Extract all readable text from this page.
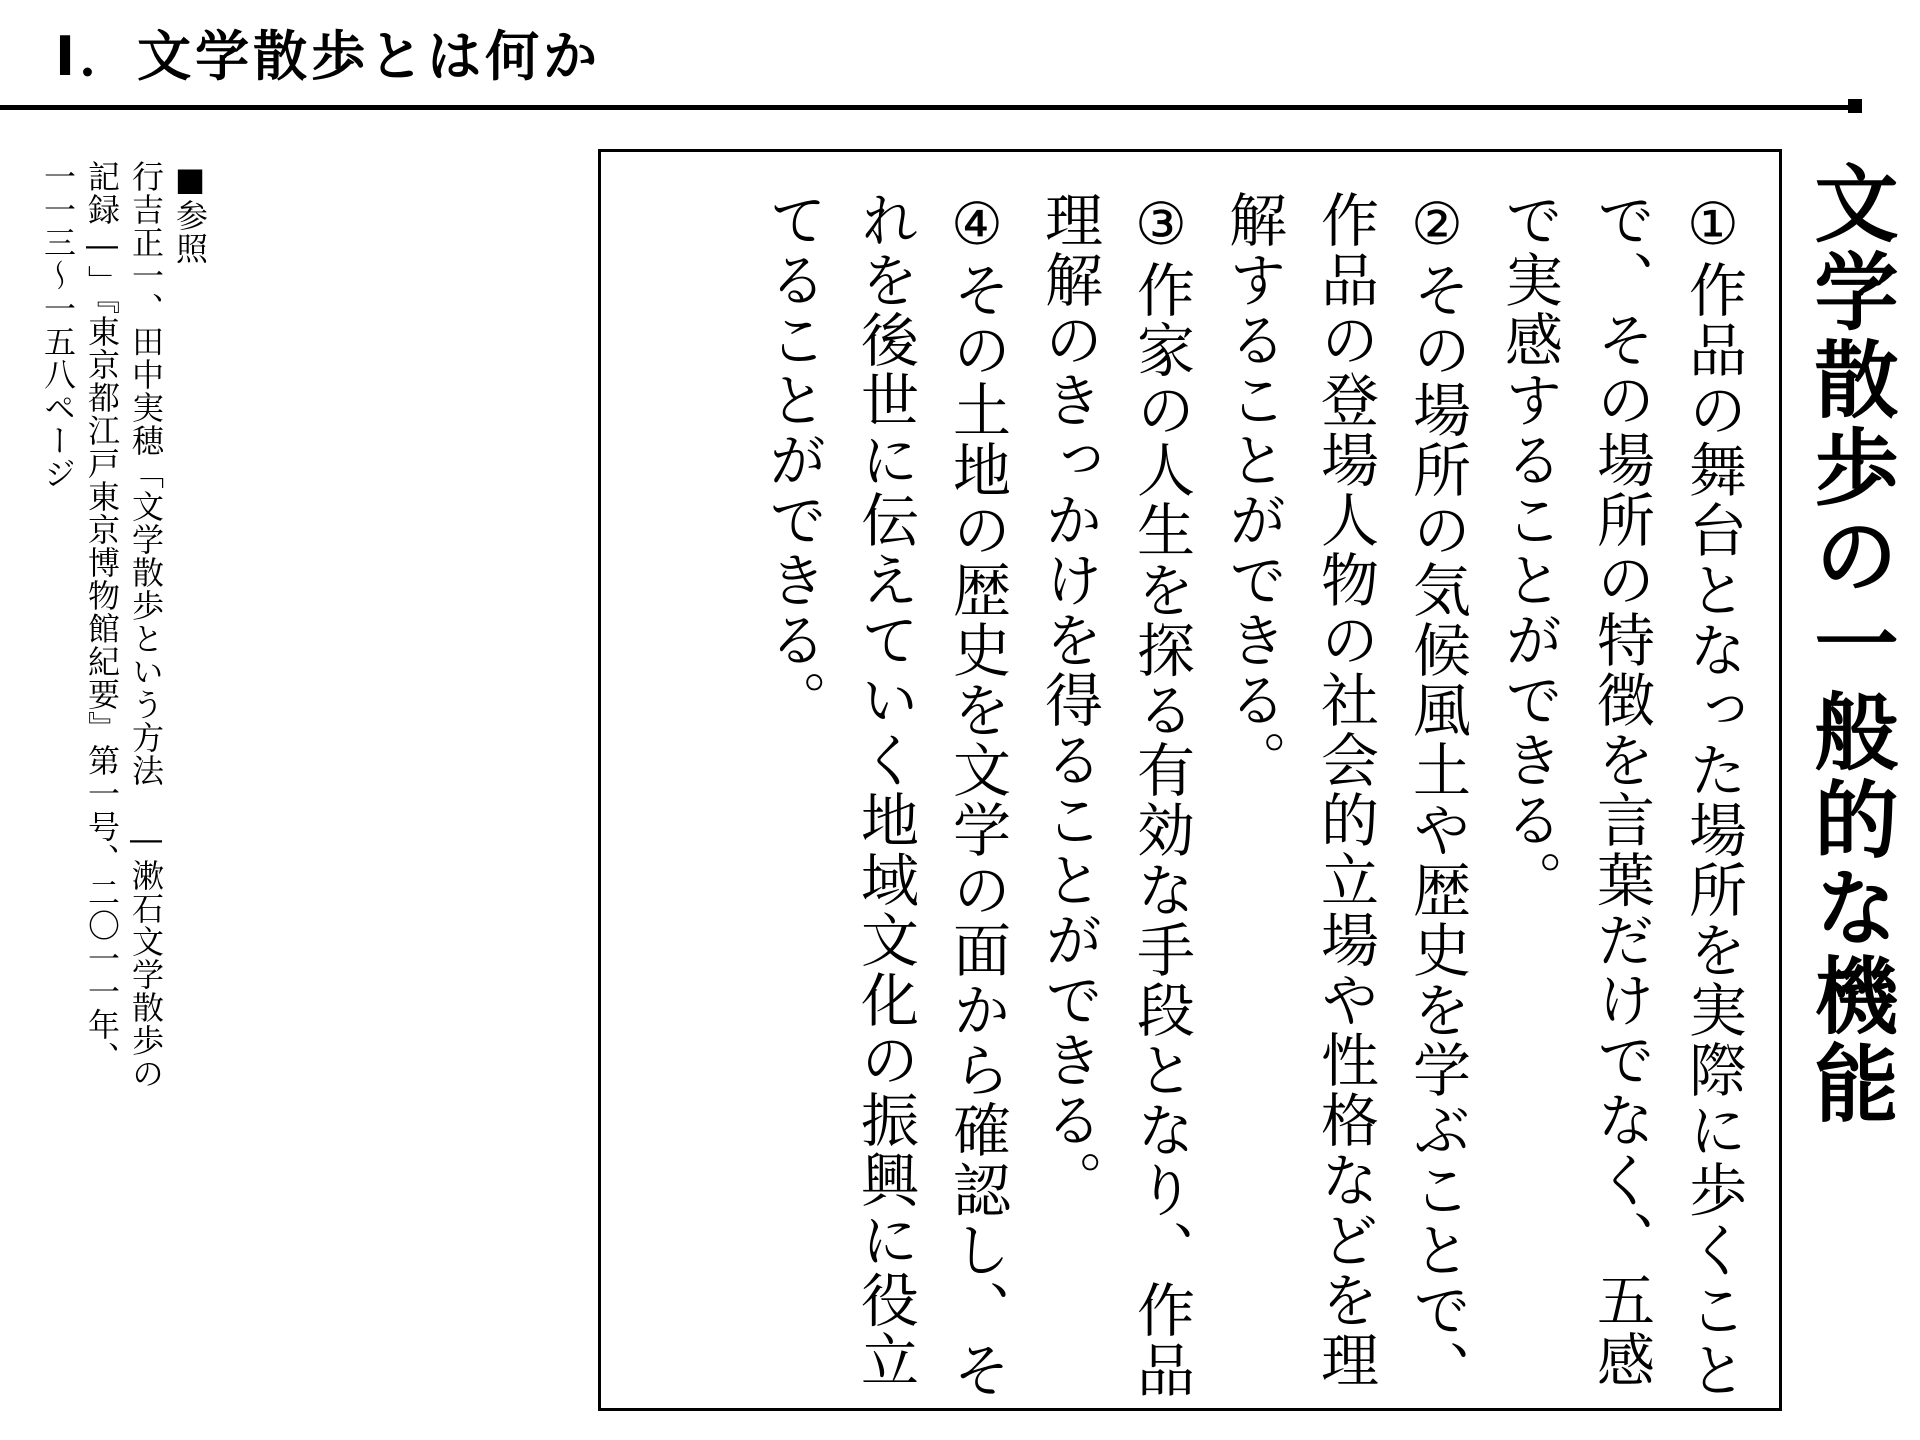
Ⅰ．文学散歩とは何か
文学散歩の一般的な機能
①作品の舞台となった場所を実際に歩くことで、その場所の特徴を言葉だけでなく、五感で実感することができる。
②その場所の気候風土や歴史を学ぶことで、作品の登場人物の社会的立場や性格などを理解することができる。
③作家の人生を探る有効な手段となり、作品理解のきっかけを得ることができる。
④その土地の歴史を文学の面から確認し、それを後世に伝えていく地域文化の振興に役立てることができる。
■参照
行吉正一、田中実穂「文学散歩という方法　―漱石文学散歩の
記録―」『東京都江戸東京博物館紀要』第一号、二〇一一年、
一一三～一五八ページ
